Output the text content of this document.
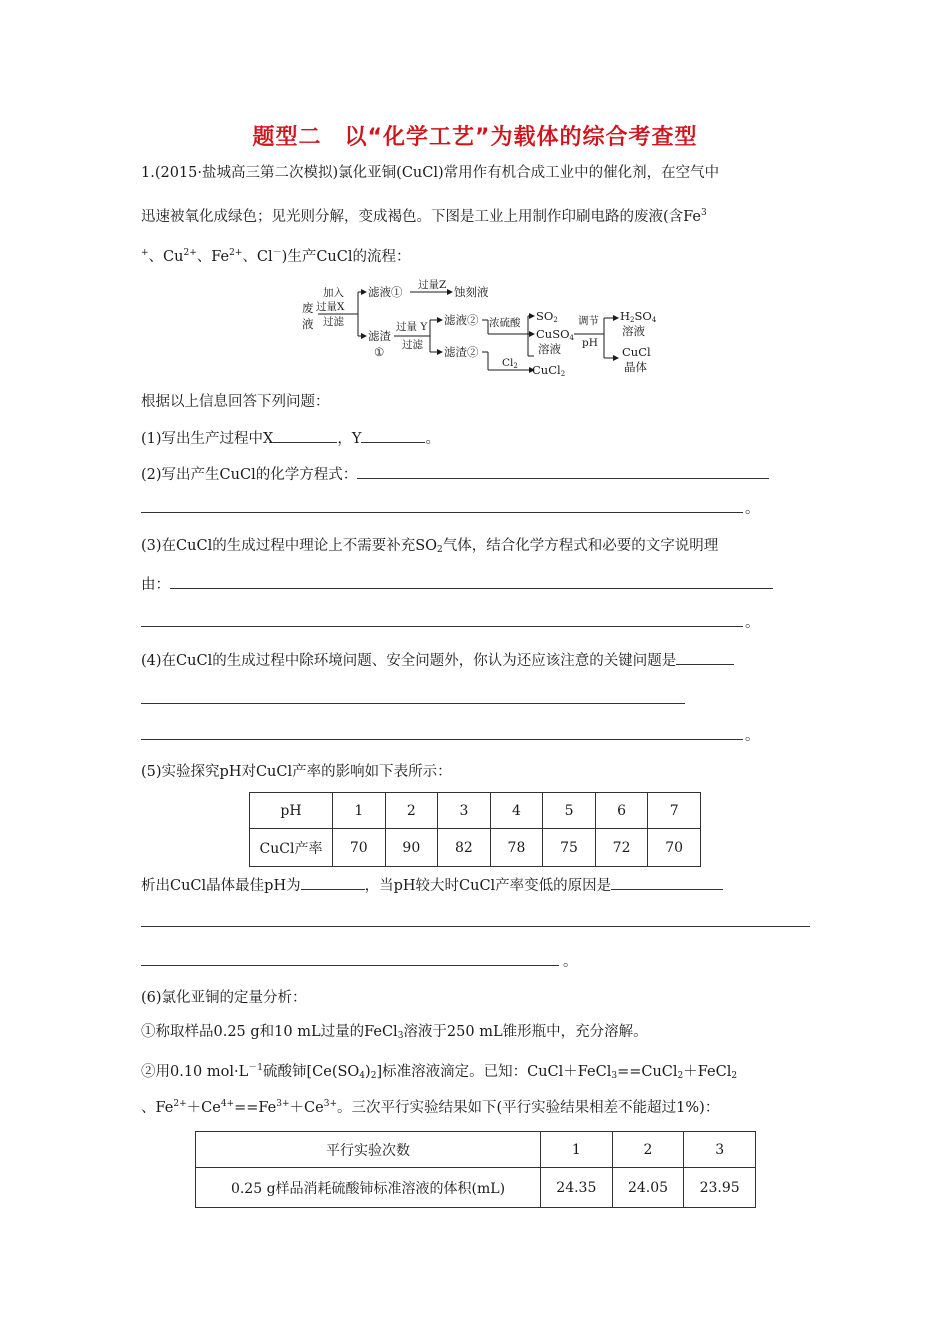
题型二　以“化学工艺”为载体的综合考查型
1.(2015·盐城高三第二次模拟)氯化亚铜(CuCl)常用作有机合成工业中的催化剂，在空气中
迅速被氧化成绿色；见光则分解，变成褐色。下图是工业上用制作印刷电路的废液(含Fe$^3$
+、$Cu^{2+}$、$Fe^{2+}$、Cl－)生产CuCl的流程：
废
液
加入
过量X
过滤
滤液① 过量Z 蚀刻液
滤渣
①
过量 Y
过滤
滤液②
滤渣②
浓硫酸
Cl2
SO2
CuSO4
溶液
CuCl2
调节
pH
H2SO4
溶液
CuCl
晶体
根据以上信息回答下列问题：
(1)写出生产过程中X	，Y	。
(2)写出产生CuCl的化学方程式：
。
(3)在CuCl的生成过程中理论上不需要补充$SO_2$气体，结合化学方程式和必要的文字说明理
由：
。
(4)在CuCl的生成过程中除环境问题、安全问题外，你认为还应该注意的关键问题是
。
(5)实验探究pH对CuCl产率的影响如下表所示：
pH	1	2	3	4	5	6	7
CuCl产率	70	90	82	78	75	72	70
析出CuCl晶体最佳pH为	，当pH较大时CuCl产率变低的原因是
。
(6)氯化亚铜的定量分析：
①称取样品0.25 g和10 mL过量的FeCl$_3$溶液于250 mL锥形瓶中，充分溶解。
②用0.10 $mol\cdot L^{-1}$硫酸铈$[Ce(SO_4)_2]$标准溶液滴定。已知：CuCl＋FeCl$_3$==CuCl$_2$＋FeCl$_2$
、$Fe^{2+}+Ce^{4+}==Fe^{3+}+Ce^{3+}$。三次平行实验结果如下(平行实验结果相差不能超过1%)：
平行实验次数	1	2	3
0.25 g样品消耗硫酸铈标准溶液的体积(mL)	24.35	24.05	23.95
